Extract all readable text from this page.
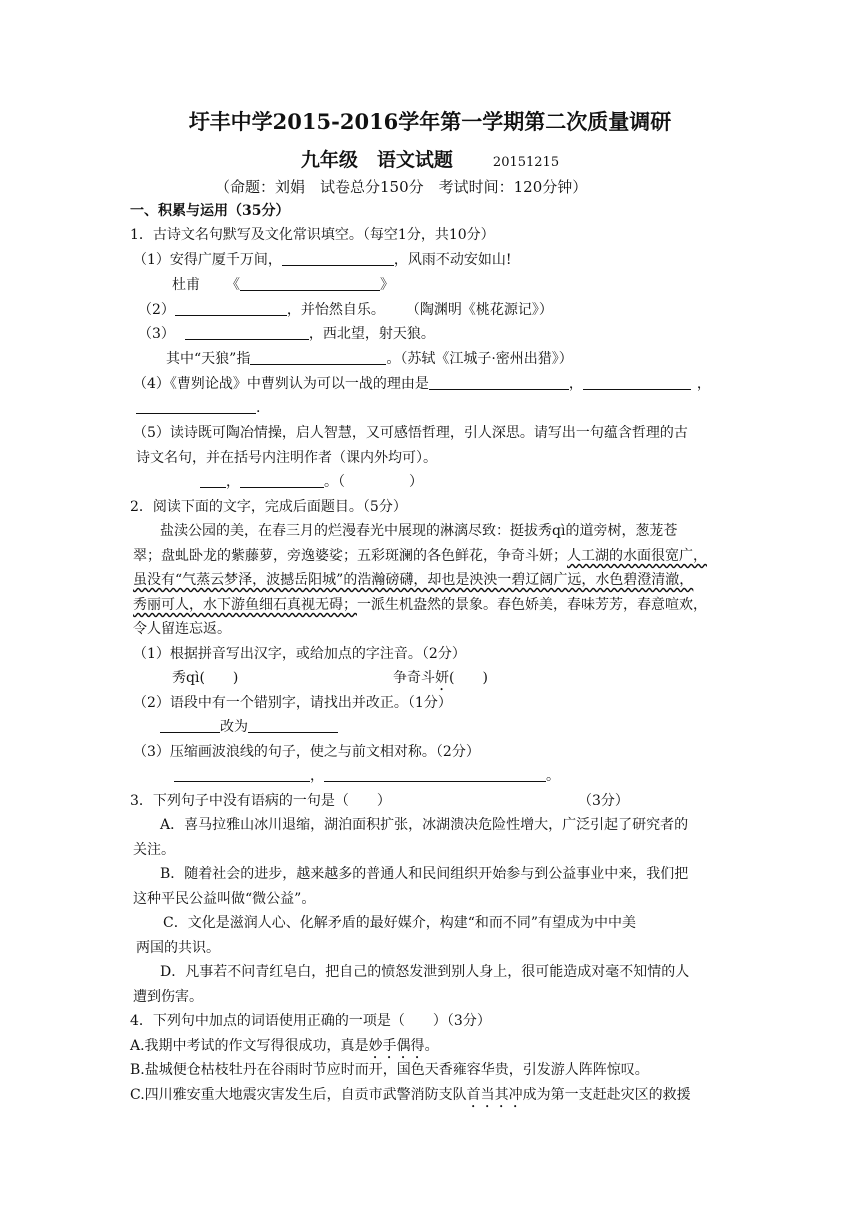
圩丰中学2015-2016学年第一学期第二次质量调研
九年级　语文试题	20151215
（命题：刘娟　试卷总分150分　考试时间：120分钟）
一、积累与运用（35分）
1．古诗文名句默写及文化常识填空。（每空1分，共10分）
（1）安得广厦千万间，	，风雨不动安如山!
杜甫 《	》
（2）	，并怡然自乐。 （陶渊明《桃花源记》）
（3）	，西北望，射天狼。
其中“天狼”指	。（苏轼《江城子·密州出猎》）
（4）《曹刿论战》中曹刿认为可以一战的理由是	，	，
.
（5）读诗既可陶冶情操，启人智慧，又可感悟哲理，引人深思。请写出一句蕴含哲理的古
诗文名句，并在括号内注明作者（课内外均可）。
，	。（	）
2．阅读下面的文字，完成后面题目。（5分）
盐渎公园的美，在春三月的烂漫春光中展现的淋漓尽致：挺拔秀qì的道旁树，葱茏苍
翠；盘虬卧龙的紫藤萝，旁逸婆娑；五彩斑澜的各色鲜花，争奇斗妍；人工湖的水面很宽广，
虽没有“气蒸云梦泽，波撼岳阳城”的浩瀚磅礴，却也是泱泱一碧辽阔广远，水色碧澄清澈，
秀丽可人，水下游鱼细石真视无碍；一派生机盎然的景象。春色娇美，春味芳芳，春意喧欢，
令人留连忘返。
（1）根据拼音写出汉字，或给加点的字注音。（2分）
秀qì(　　)	争奇斗妍(　　)
（2）语段中有一个错别字，请找出并改正。（1分）
改为
（3）压缩画波浪线的句子，使之与前文相对称。（2分）
，	。
3．下列句子中没有语病的一句是（　　）	（3分）
A．喜马拉雅山冰川退缩，湖泊面积扩张，冰湖溃决危险性增大，广泛引起了研究者的
关注。
B．随着社会的进步，越来越多的普通人和民间组织开始参与到公益事业中来，我们把
这种平民公益叫做“微公益”。
C．文化是滋润人心、化解矛盾的最好媒介，构建“和而不同”有望成为中中美
两国的共识。
D．凡事若不问青红皂白，把自己的愤怒发泄到别人身上，很可能造成对毫不知情的人
遭到伤害。
4．下列句中加点的词语使用正确的一项是（　　）（3分）
A.我期中考试的作文写得很成功，真是妙手偶得。
B.盐城便仓枯枝牡丹在谷雨时节应时而开，国色天香雍容华贵，引发游人阵阵惊叹。
C.四川雅安重大地震灾害发生后，自贡市武警消防支队首当其冲成为第一支赶赴灾区的救援
